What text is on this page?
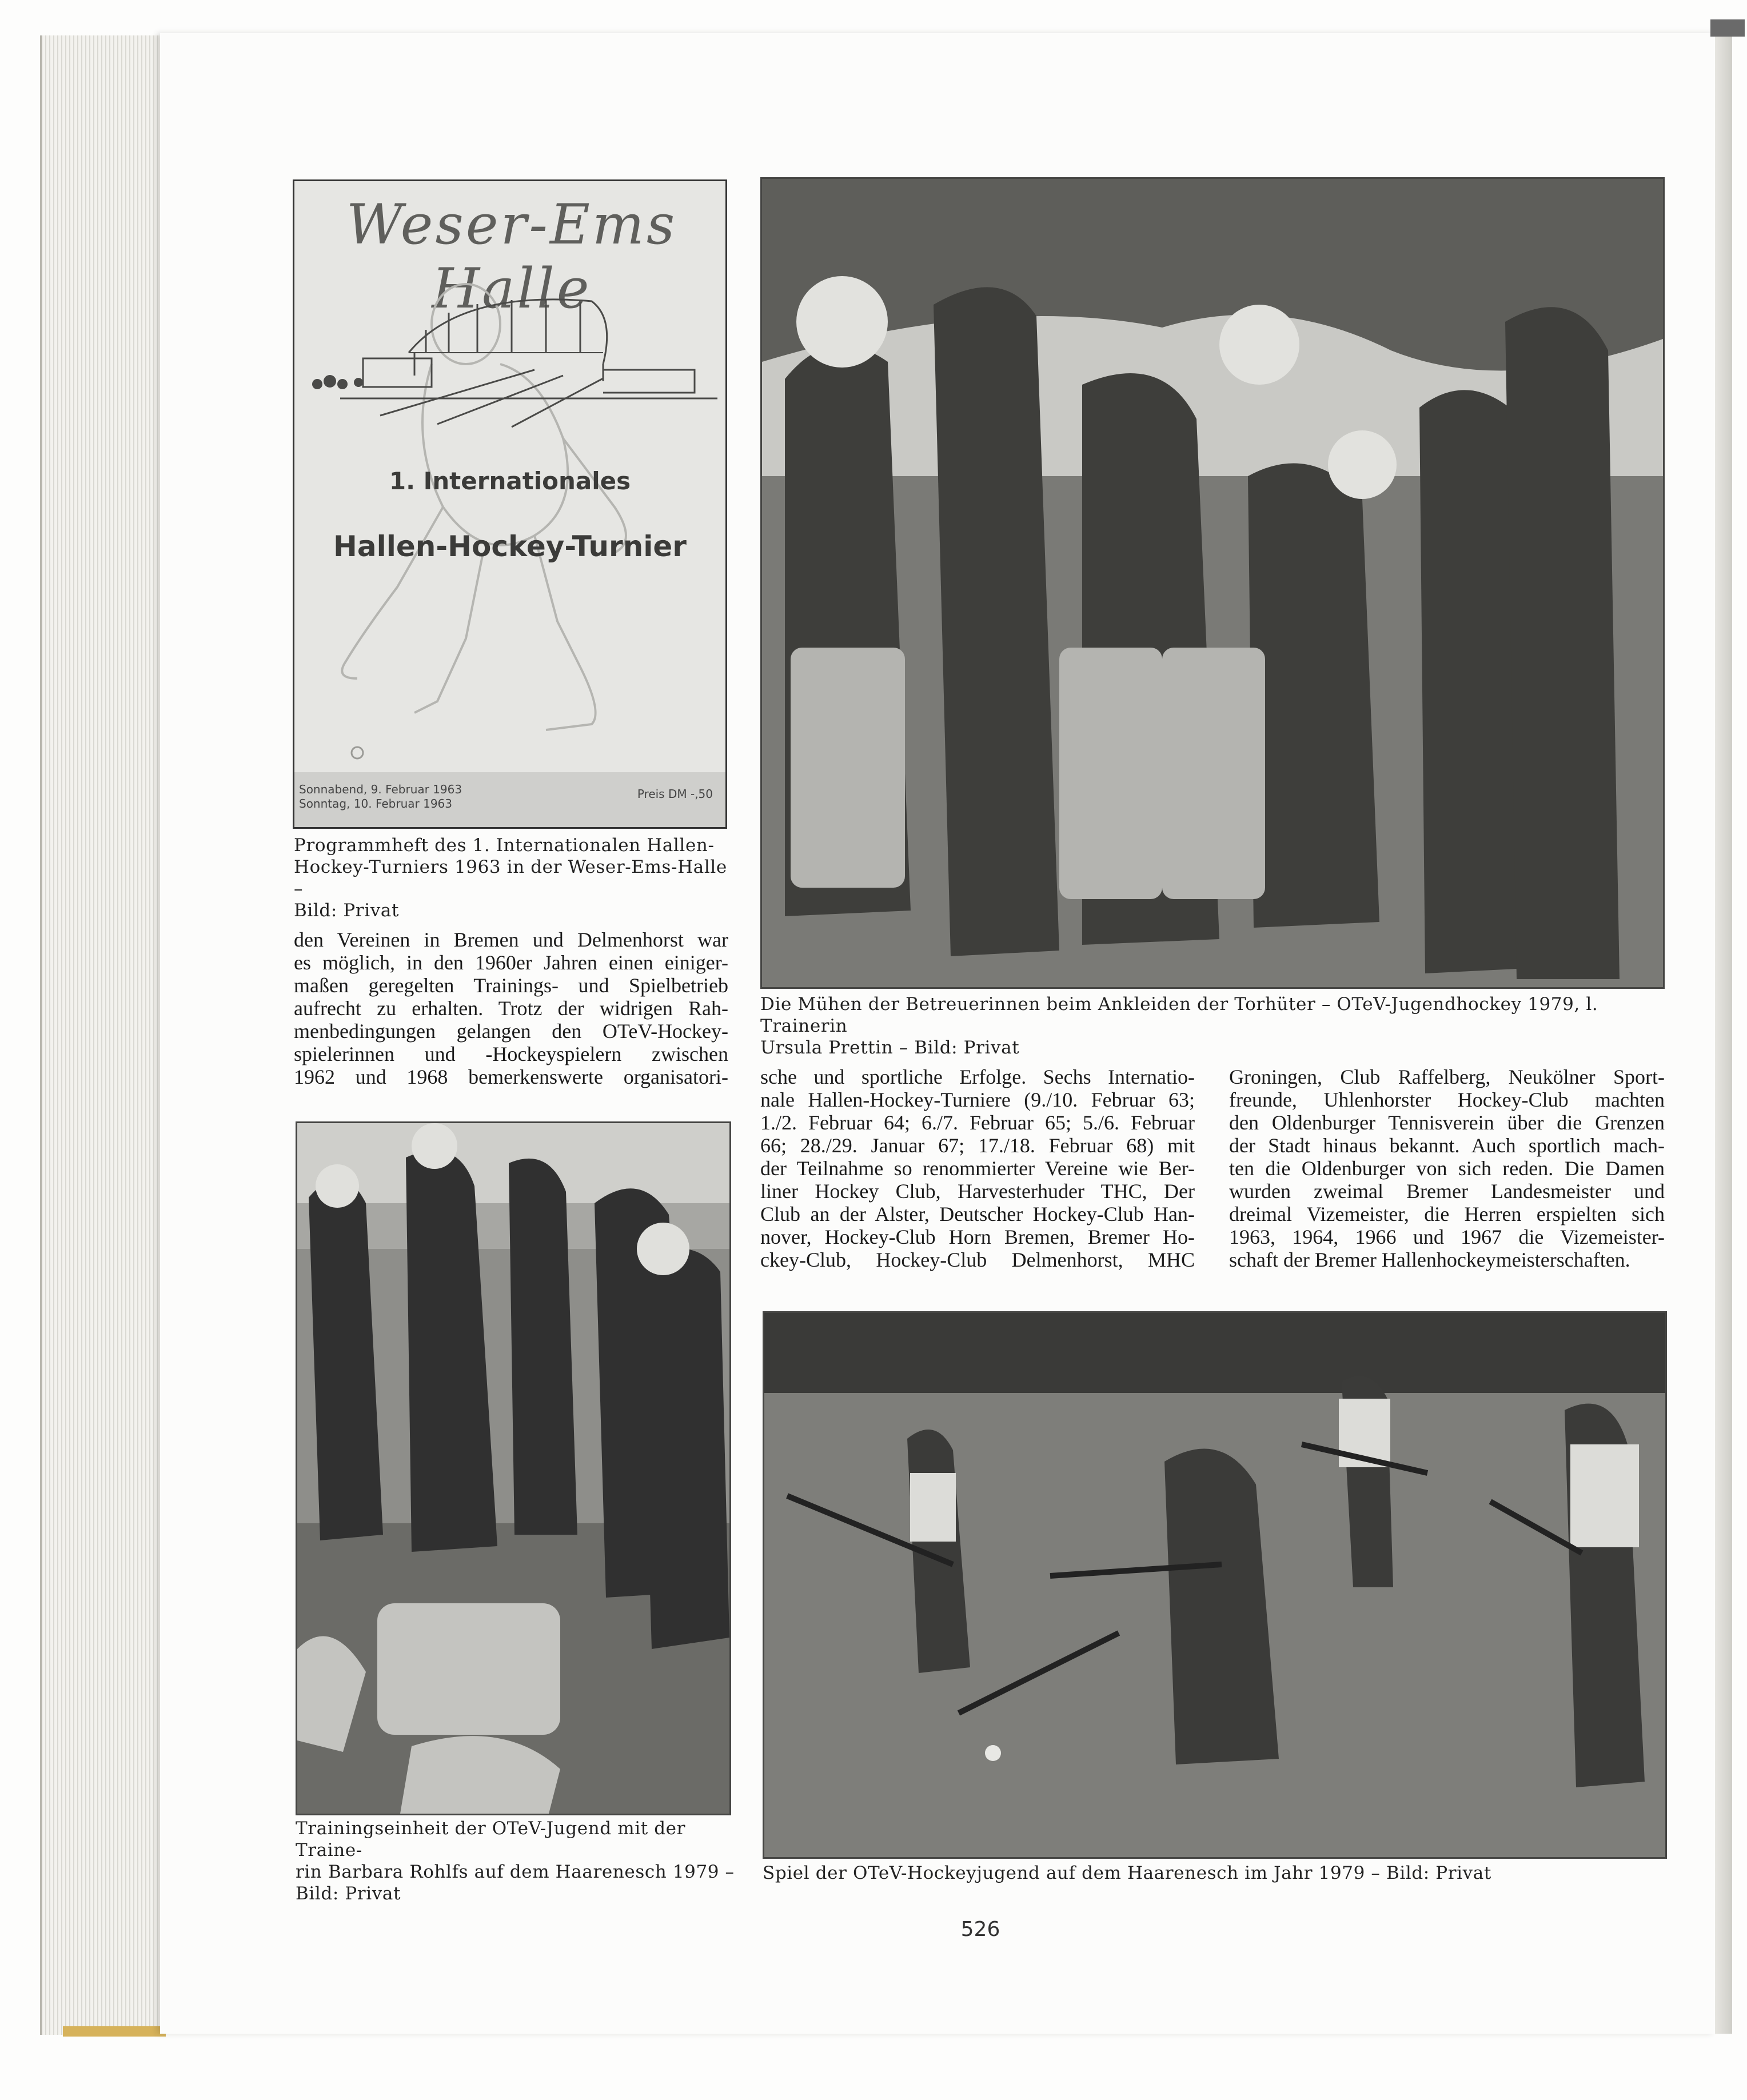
Weser-Ems Halle
1. Internationales
Hallen-Hockey-Turnier
Sonnabend, 9. Februar 1963
Sonntag, 10. Februar 1963
Preis DM -,50
Programmheft des 1. Internationalen Hallen-
Hockey-Turniers 1963 in der Weser-Ems-Halle –
Bild: Privat
Die Mühen der Betreuerinnen beim Ankleiden der Torhüter – OTeV-Jugendhockey 1979, l. Trainerin
Ursula Prettin – Bild: Privat
den Vereinen in Bremen und Delmenhorst war
es möglich, in den 1960er Jahren einen einiger-
maßen geregelten Trainings- und Spielbetrieb
aufrecht zu erhalten. Trotz der widrigen Rah-
menbedingungen gelangen den OTeV-Hockey-
spielerinnen und -Hockeyspielern zwischen
1962 und 1968 bemerkenswerte organisatori- sche und sportliche Erfolge. Sechs Internatio-
nale Hallen-Hockey-Turniere (9./10. Februar 63;
1./2. Februar 64; 6./7. Februar 65; 5./6. Februar
66; 28./29. Januar 67; 17./18. Februar 68) mit
der Teilnahme so renommierter Vereine wie Ber-
liner Hockey Club, Harvesterhuder THC, Der
Club an der Alster, Deutscher Hockey-Club Han-
nover, Hockey-Club Horn Bremen, Bremer Ho-
ckey-Club, Hockey-Club Delmenhorst, MHC
Groningen, Club Raffelberg, Neukölner Sport-
freunde, Uhlenhorster Hockey-Club machten
den Oldenburger Tennisverein über die Grenzen
der Stadt hinaus bekannt. Auch sportlich mach-
ten die Oldenburger von sich reden. Die Damen
wurden zweimal Bremer Landesmeister und
dreimal Vizemeister, die Herren erspielten sich
1963, 1964, 1966 und 1967 die Vizemeister-
schaft der Bremer Hallenhockeymeisterschaften.
Trainingseinheit der OTeV-Jugend mit der Traine-
rin Barbara Rohlfs auf dem Haarenesch 1979 –
Bild: Privat
Spiel der OTeV-Hockeyjugend auf dem Haarenesch im Jahr 1979 – Bild: Privat
526
